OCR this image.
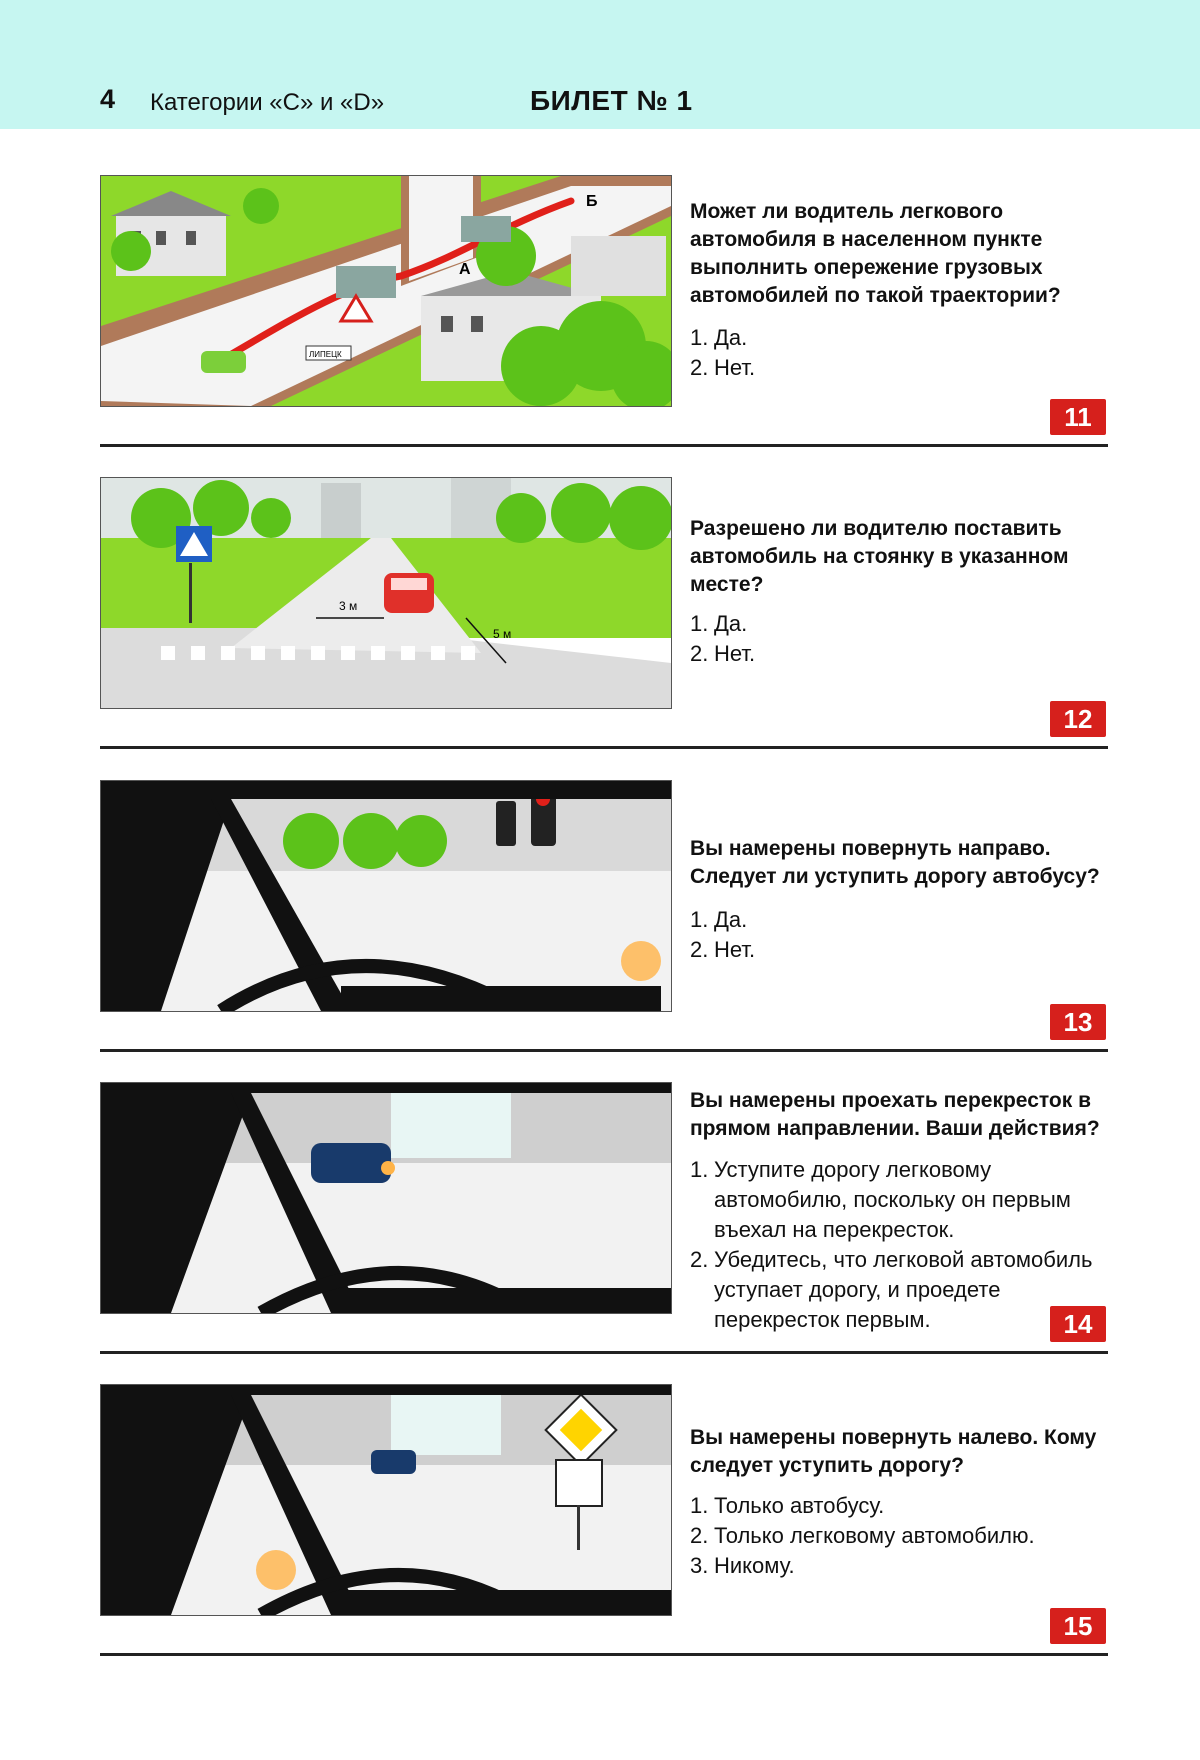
4 Категории «C» и «D»	БИЛЕТ № 1
ЛИПЕЦК
А
Б	Может ли водитель легкового автомобиля в населенном пункте выполнить опережение грузовых автомобилей по такой траектории?
1. Да.
2. Нет.
11
3 м
5 м
Разрешено ли водителю поставить автомобиль на стоянку в указанном месте?
1. Да.
2. Нет.
12
Вы намерены повернуть направо. Следует ли уступить дорогу автобусу?
1. Да.
2. Нет.
13
Вы намерены проехать перекресток в прямом направлении. Ваши действия?
1. Уступите дорогу легковому автомобилю, поскольку он первым въехал на перекресток.
2. Убедитесь, что легковой автомобиль уступает дорогу, и проедете перекресток первым.	14
Вы намерены повернуть налево. Кому следует уступить дорогу?
1. Только автобусу.
2. Только легковому автомобилю.
3. Никому.
15
